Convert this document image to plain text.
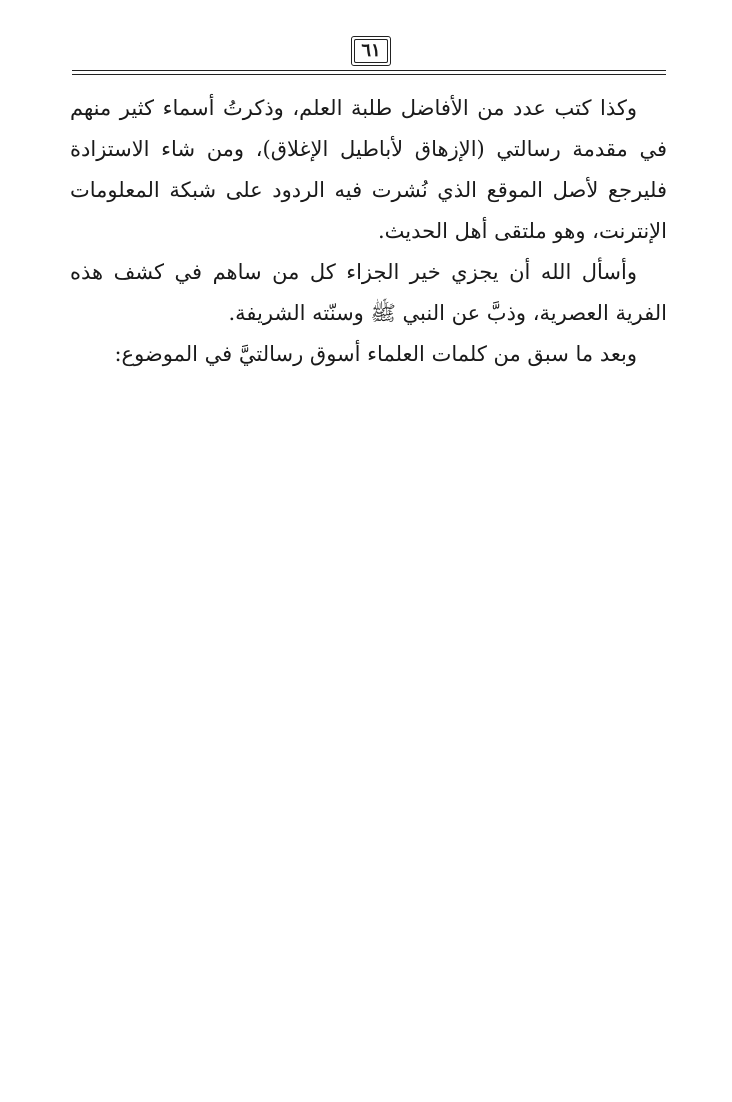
٦١

وكذا كتب عدد من الأفاضل طلبة العلم، وذكرتُ أسماء كثير منهم في مقدمة رسالتي (الإزهاق لأباطيل الإغلاق)، ومن شاء الاستزادة فليرجع لأصل الموقع الذي نُشرت فيه الردود على شبكة المعلومات الإنترنت، وهو ملتقى أهل الحديث.

وأسأل الله أن يجزي خير الجزاء كل من ساهم في كشف هذه الفرية العصرية، وذبَّ عن النبي ﷺ وسنّته الشريفة.

وبعد ما سبق من كلمات العلماء أسوق رسالتيَّ في الموضوع:
